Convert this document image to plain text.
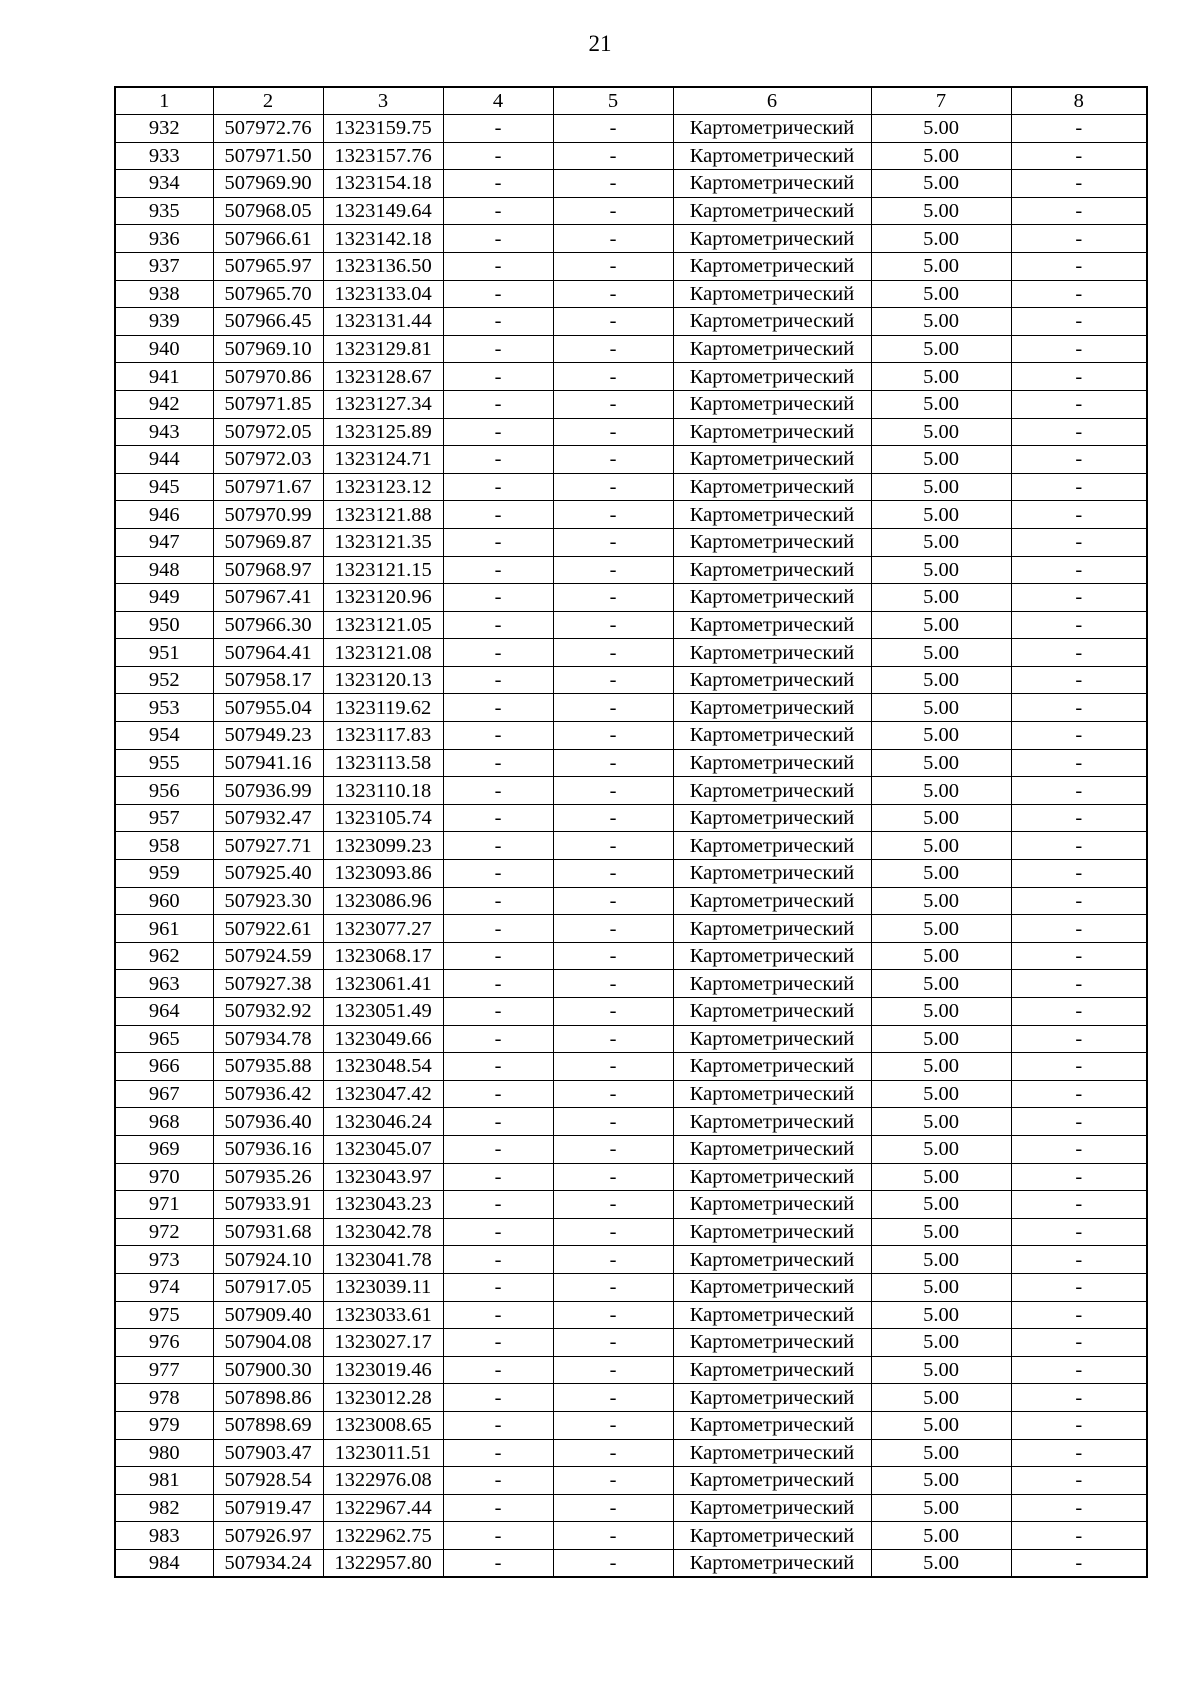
21
1	2	3	4	5	6	7	8
932	507972.76	1323159.75	-	-	Картометрический	5.00	-
933	507971.50	1323157.76	-	-	Картометрический	5.00	-
934	507969.90	1323154.18	-	-	Картометрический	5.00	-
935	507968.05	1323149.64	-	-	Картометрический	5.00	-
936	507966.61	1323142.18	-	-	Картометрический	5.00	-
937	507965.97	1323136.50	-	-	Картометрический	5.00	-
938	507965.70	1323133.04	-	-	Картометрический	5.00	-
939	507966.45	1323131.44	-	-	Картометрический	5.00	-
940	507969.10	1323129.81	-	-	Картометрический	5.00	-
941	507970.86	1323128.67	-	-	Картометрический	5.00	-
942	507971.85	1323127.34	-	-	Картометрический	5.00	-
943	507972.05	1323125.89	-	-	Картометрический	5.00	-
944	507972.03	1323124.71	-	-	Картометрический	5.00	-
945	507971.67	1323123.12	-	-	Картометрический	5.00	-
946	507970.99	1323121.88	-	-	Картометрический	5.00	-
947	507969.87	1323121.35	-	-	Картометрический	5.00	-
948	507968.97	1323121.15	-	-	Картометрический	5.00	-
949	507967.41	1323120.96	-	-	Картометрический	5.00	-
950	507966.30	1323121.05	-	-	Картометрический	5.00	-
951	507964.41	1323121.08	-	-	Картометрический	5.00	-
952	507958.17	1323120.13	-	-	Картометрический	5.00	-
953	507955.04	1323119.62	-	-	Картометрический	5.00	-
954	507949.23	1323117.83	-	-	Картометрический	5.00	-
955	507941.16	1323113.58	-	-	Картометрический	5.00	-
956	507936.99	1323110.18	-	-	Картометрический	5.00	-
957	507932.47	1323105.74	-	-	Картометрический	5.00	-
958	507927.71	1323099.23	-	-	Картометрический	5.00	-
959	507925.40	1323093.86	-	-	Картометрический	5.00	-
960	507923.30	1323086.96	-	-	Картометрический	5.00	-
961	507922.61	1323077.27	-	-	Картометрический	5.00	-
962	507924.59	1323068.17	-	-	Картометрический	5.00	-
963	507927.38	1323061.41	-	-	Картометрический	5.00	-
964	507932.92	1323051.49	-	-	Картометрический	5.00	-
965	507934.78	1323049.66	-	-	Картометрический	5.00	-
966	507935.88	1323048.54	-	-	Картометрический	5.00	-
967	507936.42	1323047.42	-	-	Картометрический	5.00	-
968	507936.40	1323046.24	-	-	Картометрический	5.00	-
969	507936.16	1323045.07	-	-	Картометрический	5.00	-
970	507935.26	1323043.97	-	-	Картометрический	5.00	-
971	507933.91	1323043.23	-	-	Картометрический	5.00	-
972	507931.68	1323042.78	-	-	Картометрический	5.00	-
973	507924.10	1323041.78	-	-	Картометрический	5.00	-
974	507917.05	1323039.11	-	-	Картометрический	5.00	-
975	507909.40	1323033.61	-	-	Картометрический	5.00	-
976	507904.08	1323027.17	-	-	Картометрический	5.00	-
977	507900.30	1323019.46	-	-	Картометрический	5.00	-
978	507898.86	1323012.28	-	-	Картометрический	5.00	-
979	507898.69	1323008.65	-	-	Картометрический	5.00	-
980	507903.47	1323011.51	-	-	Картометрический	5.00	-
981	507928.54	1322976.08	-	-	Картометрический	5.00	-
982	507919.47	1322967.44	-	-	Картометрический	5.00	-
983	507926.97	1322962.75	-	-	Картометрический	5.00	-
984	507934.24	1322957.80	-	-	Картометрический	5.00	-
